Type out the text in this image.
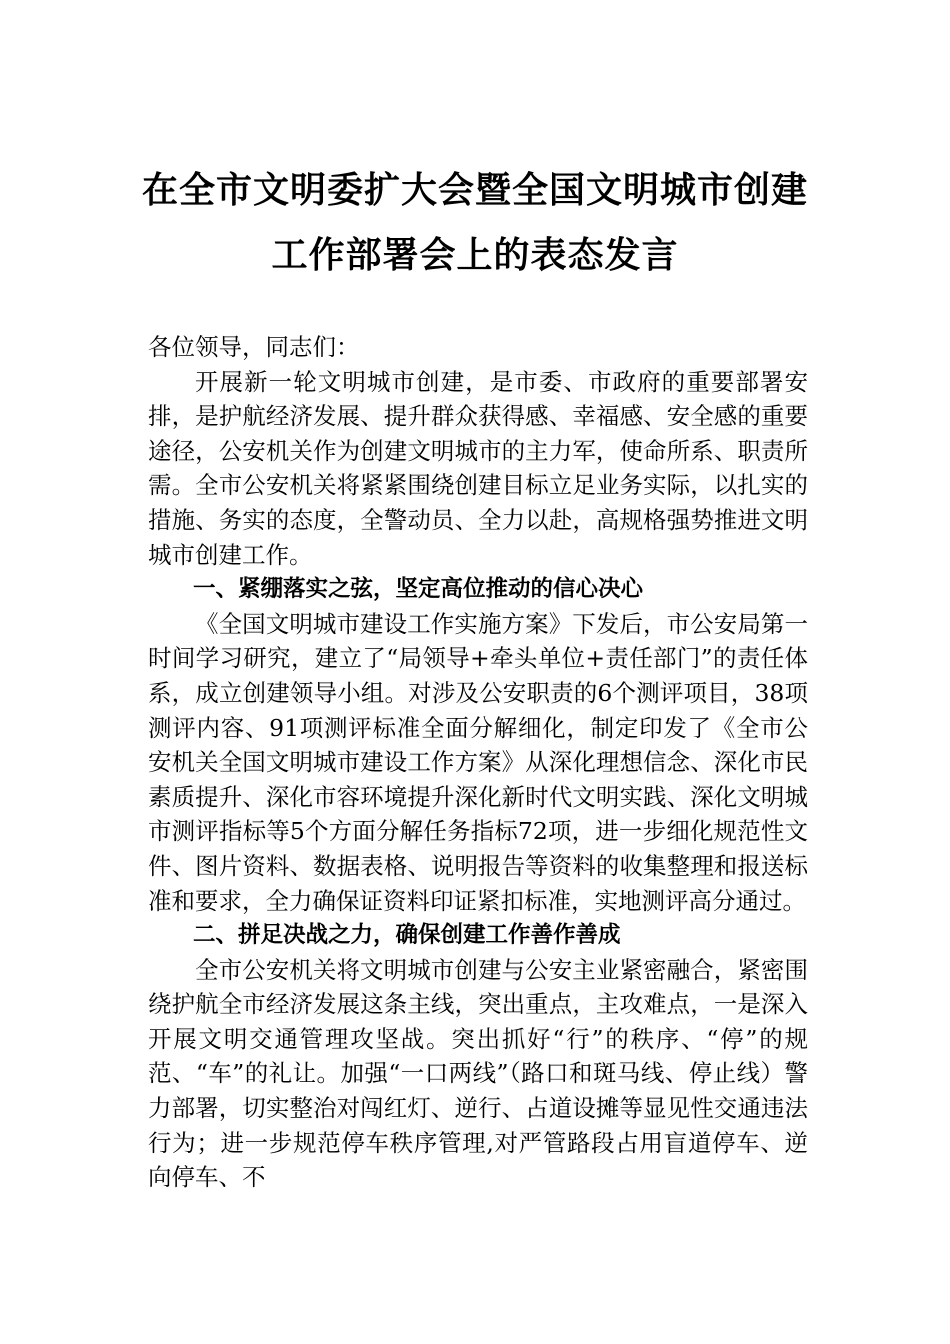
在全市文明委扩大会暨全国文明城市创建
工作部署会上的表态发言

各位领导，同志们：

开展新一轮文明城市创建，是市委、市政府的重要部署安排，是护航经济发展、提升群众获得感、幸福感、安全感的重要途径，公安机关作为创建文明城市的主力军，使命所系、职责所需。全市公安机关将紧紧围绕创建目标立足业务实际，以扎实的措施、务实的态度，全警动员、全力以赴，高规格强势推进文明城市创建工作。

一、紧绷落实之弦，坚定高位推动的信心决心

《全国文明城市建设工作实施方案》下发后，市公安局第一时间学习研究，建立了“局领导+牵头单位+责任部门”的责任体系，成立创建领导小组。对涉及公安职责的6个测评项目，38项测评内容、91项测评标准全面分解细化，制定印发了《全市公安机关全国文明城市建设工作方案》从深化理想信念、深化市民素质提升、深化市容环境提升深化新时代文明实践、深化文明城市测评指标等5个方面分解任务指标72项，进一步细化规范性文件、图片资料、数据表格、说明报告等资料的收集整理和报送标准和要求，全力确保证资料印证紧扣标准，实地测评高分通过。

二、拼足决战之力，确保创建工作善作善成

全市公安机关将文明城市创建与公安主业紧密融合，紧密围绕护航全市经济发展这条主线，突出重点，主攻难点，一是深入开展文明交通管理攻坚战。突出抓好“行”的秩序、“停”的规范、“车”的礼让。加强“一口两线”（路口和斑马线、停止线）警力部署，切实整治对闯红灯、逆行、占道设摊等显见性交通违法行为；进一步规范停车秩序管理,对严管路段占用盲道停车、逆向停车、不
